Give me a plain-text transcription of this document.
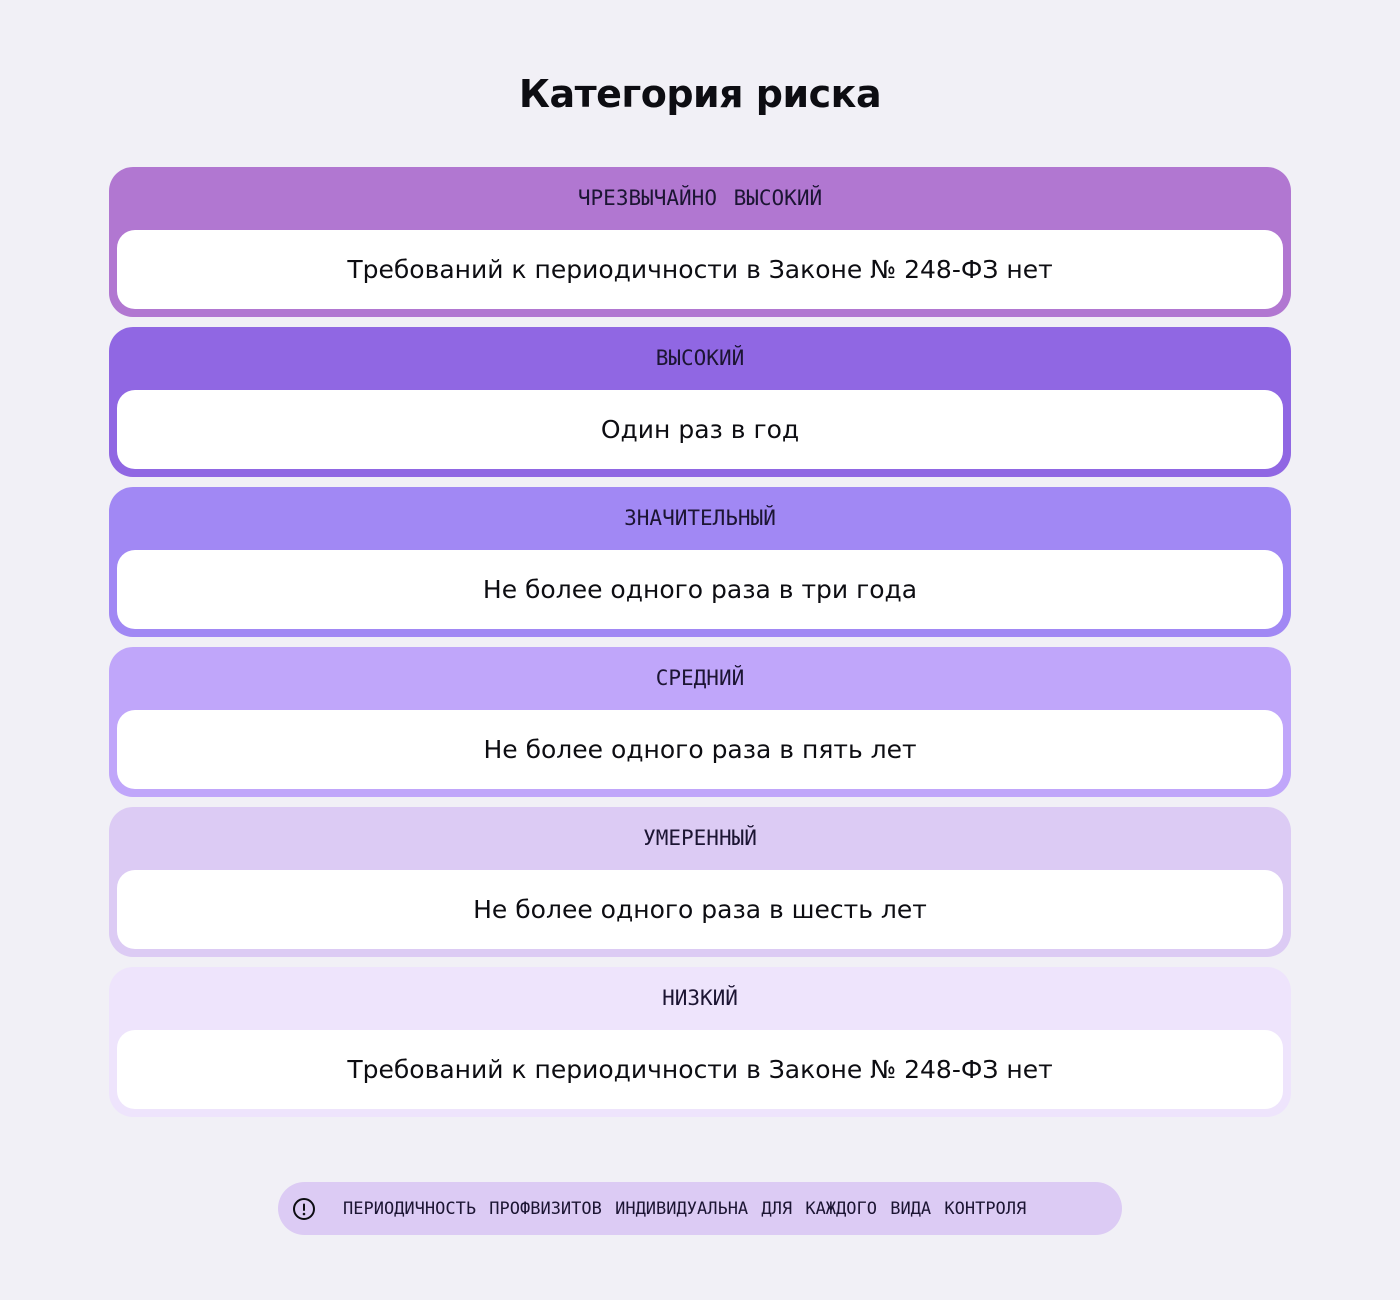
Категория риска
ЧРЕЗВЫЧАЙНО ВЫСОКИЙ
Требований к периодичности в Законе № 248-ФЗ нет
ВЫСОКИЙ
Один раз в год
ЗНАЧИТЕЛЬНЫЙ
Не более одного раза в три года
СРЕДНИЙ
Не более одного раза в пять лет
УМЕРЕННЫЙ
Не более одного раза в шесть лет
НИЗКИЙ
Требований к периодичности в Законе № 248-ФЗ нет
ПЕРИОДИЧНОСТЬ ПРОФВИЗИТОВ ИНДИВИДУАЛЬНА ДЛЯ КАЖДОГО ВИДА КОНТРОЛЯ
